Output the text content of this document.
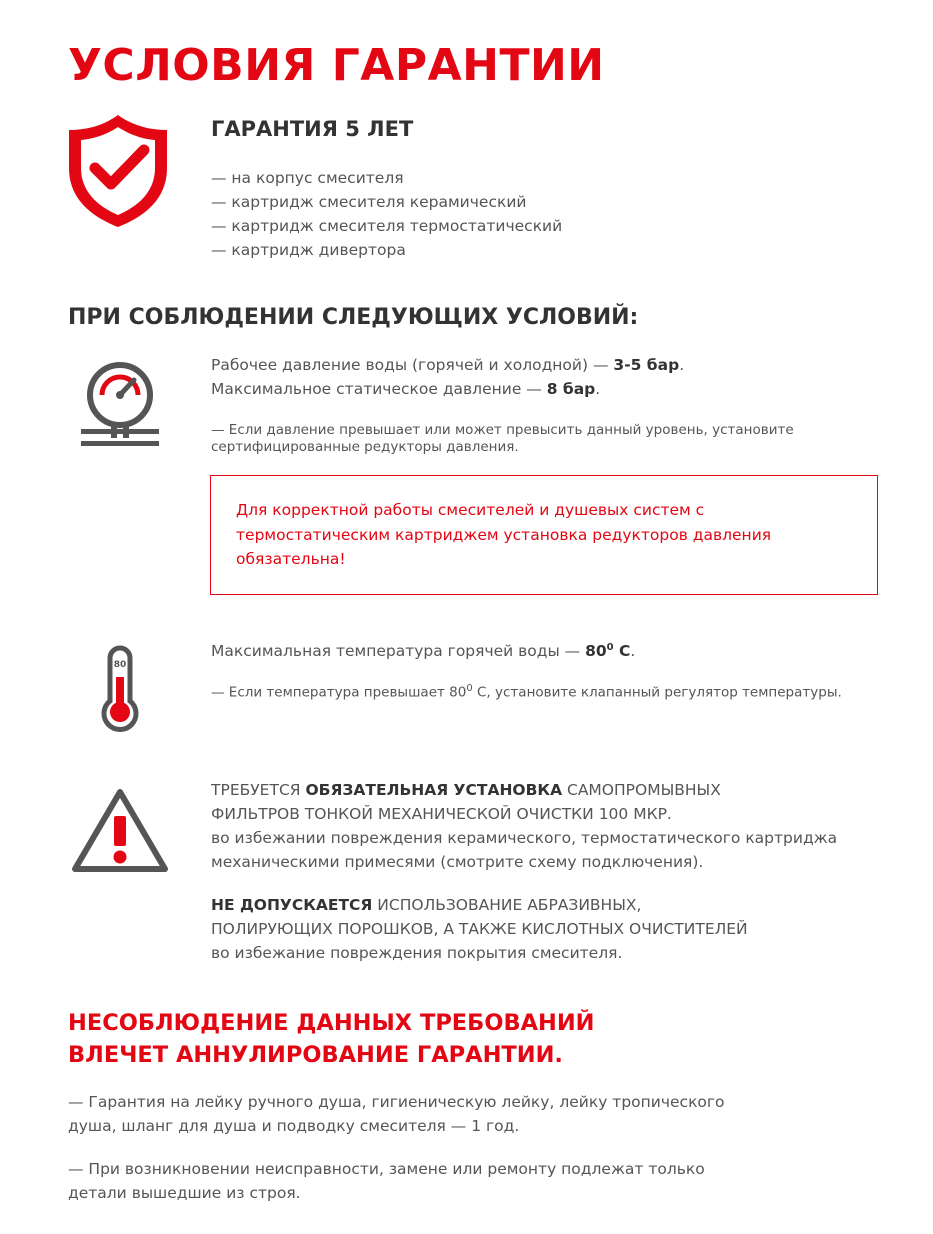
УСЛОВИЯ ГАРАНТИИ
ГАРАНТИЯ 5 ЛЕТ
— на корпус смесителя
— картридж смесителя керамический
— картридж смесителя термостатический
— картридж дивертора
ПРИ СОБЛЮДЕНИИ СЛЕДУЮЩИХ УСЛОВИЙ:
Рабочее давление воды (горячей и холодной) — 3-5 бар.
Максимальное статическое давление — 8 бар.
— Если давление превышает или может превысить данный уровень, установите
сертифицированные редукторы давления.
Для корректной работы смесителей и душевых систем с
термостатическим картриджем установка редукторов давления
обязательна!
80
Максимальная температура горячей воды — $80^0$ С.
— Если температура превышает $80^0$ С, установите клапанный регулятор температуры.
ТРЕБУЕТСЯ ОБЯЗАТЕЛЬНАЯ УСТАНОВКА САМОПРОМЫВНЫХ
ФИЛЬТРОВ ТОНКОЙ МЕХАНИЧЕСКОЙ ОЧИСТКИ 100 МКР.
во избежании повреждения керамического, термостатического картриджа
механическими примесями (смотрите схему подключения).
НЕ ДОПУСКАЕТСЯ ИСПОЛЬЗОВАНИЕ АБРАЗИВНЫХ,
ПОЛИРУЮЩИХ ПОРОШКОВ, А ТАКЖЕ КИСЛОТНЫХ ОЧИСТИТЕЛЕЙ
во избежание повреждения покрытия смесителя.
НЕСОБЛЮДЕНИЕ ДАННЫХ ТРЕБОВАНИЙ
ВЛЕЧЕТ АННУЛИРОВАНИЕ ГАРАНТИИ.
— Гарантия на лейку ручного душа, гигиеническую лейку, лейку тропического
душа, шланг для душа и подводку смесителя — 1 год.
— При возникновении неисправности, замене или ремонту подлежат только
детали вышедшие из строя.
